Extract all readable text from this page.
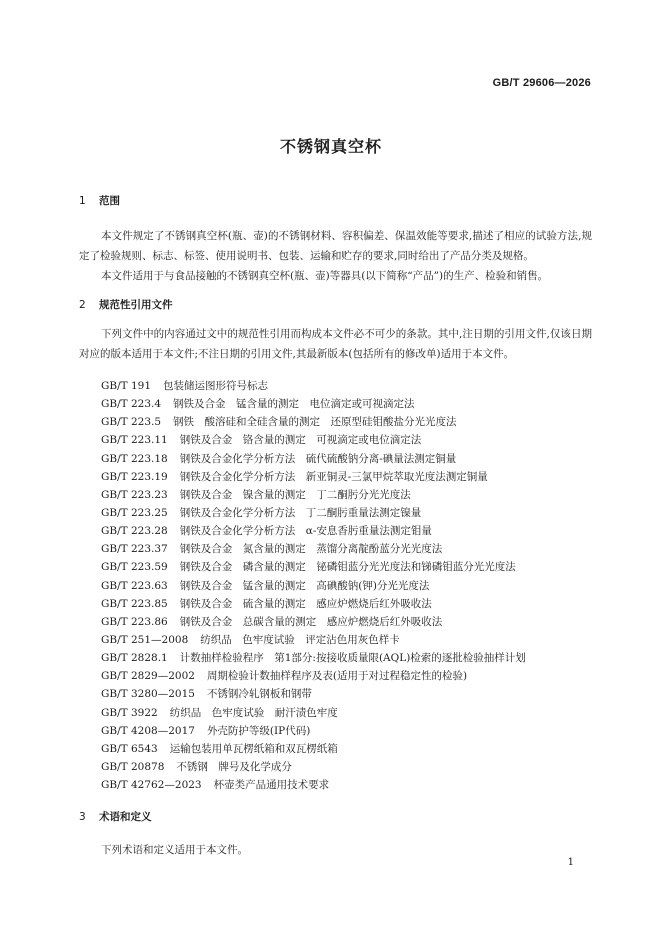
GB/T 29606—2026
不锈钢真空杯
1 范围

本文件规定了不锈钢真空杯(瓶、壶)的不锈钢材料、容积偏差、保温效能等要求,描述了相应的试验方法,规定了检验规则、标志、标签、使用说明书、包装、运输和贮存的要求,同时给出了产品分类及规格。

本文件适用于与食品接触的不锈钢真空杯(瓶、壶)等器具(以下简称“产品”)的生产、检验和销售。

2 规范性引用文件

下列文件中的内容通过文中的规范性引用而构成本文件必不可少的条款。其中,注日期的引用文件,仅该日期对应的版本适用于本文件;不注日期的引用文件,其最新版本(包括所有的修改单)适用于本文件。

GB/T 191 包装储运图形符号标志
GB/T 223.4 钢铁及合金　锰含量的测定　电位滴定或可视滴定法
GB/T 223.5 钢铁　酸溶硅和全硅含量的测定　还原型硅钼酸盐分光光度法
GB/T 223.11 钢铁及合金　铬含量的测定　可视滴定或电位滴定法
GB/T 223.18 钢铁及合金化学分析方法　硫代硫酸钠分离-碘量法测定铜量
GB/T 223.19 钢铁及合金化学分析方法　新亚铜灵-三氯甲烷萃取光度法测定铜量
GB/T 223.23 钢铁及合金　镍含量的测定　丁二酮肟分光光度法
GB/T 223.25 钢铁及合金化学分析方法　丁二酮肟重量法测定镍量
GB/T 223.28 钢铁及合金化学分析方法　α-安息香肟重量法测定钼量
GB/T 223.37 钢铁及合金　氮含量的测定　蒸馏分离靛酚蓝分光光度法
GB/T 223.59 钢铁及合金　磷含量的测定　铋磷钼蓝分光光度法和锑磷钼蓝分光光度法
GB/T 223.63 钢铁及合金　锰含量的测定　高碘酸钠(钾)分光光度法
GB/T 223.85 钢铁及合金　硫含量的测定　感应炉燃烧后红外吸收法
GB/T 223.86 钢铁及合金　总碳含量的测定　感应炉燃烧后红外吸收法
GB/T 251—2008 纺织品　色牢度试验　评定沾色用灰色样卡
GB/T 2828.1 计数抽样检验程序　第1部分:按接收质量限(AQL)检索的逐批检验抽样计划
GB/T 2829—2002 周期检验计数抽样程序及表(适用于对过程稳定性的检验)
GB/T 3280—2015 不锈钢冷轧钢板和钢带
GB/T 3922 纺织品　色牢度试验　耐汗渍色牢度
GB/T 4208—2017 外壳防护等级(IP代码)
GB/T 6543 运输包装用单瓦楞纸箱和双瓦楞纸箱
GB/T 20878 不锈钢　牌号及化学成分
GB/T 42762—2023 杯壶类产品通用技术要求
3 术语和定义

下列术语和定义适用于本文件。

1
